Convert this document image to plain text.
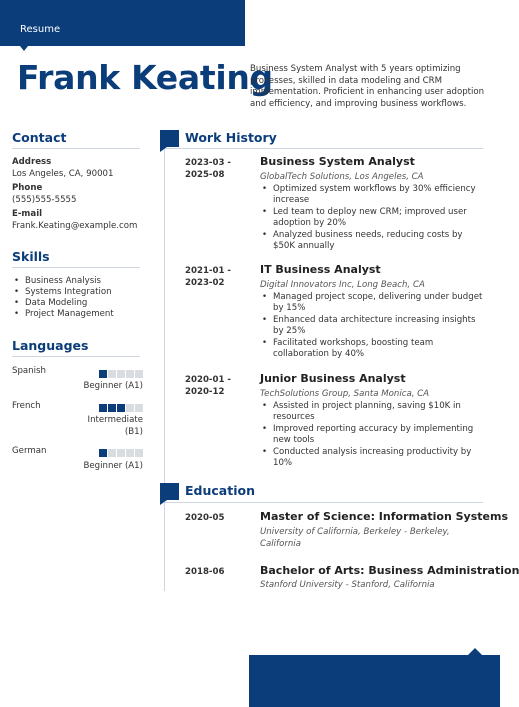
Resume
Frank Keating
Business System Analyst with 5 years optimizing processes, skilled in data modeling and CRM implementation. Proficient in enhancing user adoption and efficiency, and improving business workflows.
Contact
Address
Los Angeles, CA, 90001
Phone
(555)555-5555
E-mail
Frank.Keating@example.com
Skills
• Business Analysis
• Systems Integration
• Data Modeling
• Project Management
Languages
Spanish
Beginner (A1)
French
Intermediate (B1)
German
Beginner (A1)
Work History
2023-03 -
2025-08
Business System Analyst
GlobalTech Solutions, Los Angeles, CA
• Optimized system workflows by 30% efficiency increase
• Led team to deploy new CRM; improved user adoption by 20%
• Analyzed business needs, reducing costs by $50K annually
2021-01 -
2023-02
IT Business Analyst
Digital Innovators Inc, Long Beach, CA
• Managed project scope, delivering under budget by 15%
• Enhanced data architecture increasing insights by 25%
• Facilitated workshops, boosting team collaboration by 40%
2020-01 -
2020-12
Junior Business Analyst
TechSolutions Group, Santa Monica, CA
• Assisted in project planning, saving $10K in resources
• Improved reporting accuracy by implementing new tools
• Conducted analysis increasing productivity by 10%
Education
2020-05	Master of Science: Information Systems
University of California, Berkeley - Berkeley, California
2018-06	Bachelor of Arts: Business Administration
Stanford University - Stanford, California
